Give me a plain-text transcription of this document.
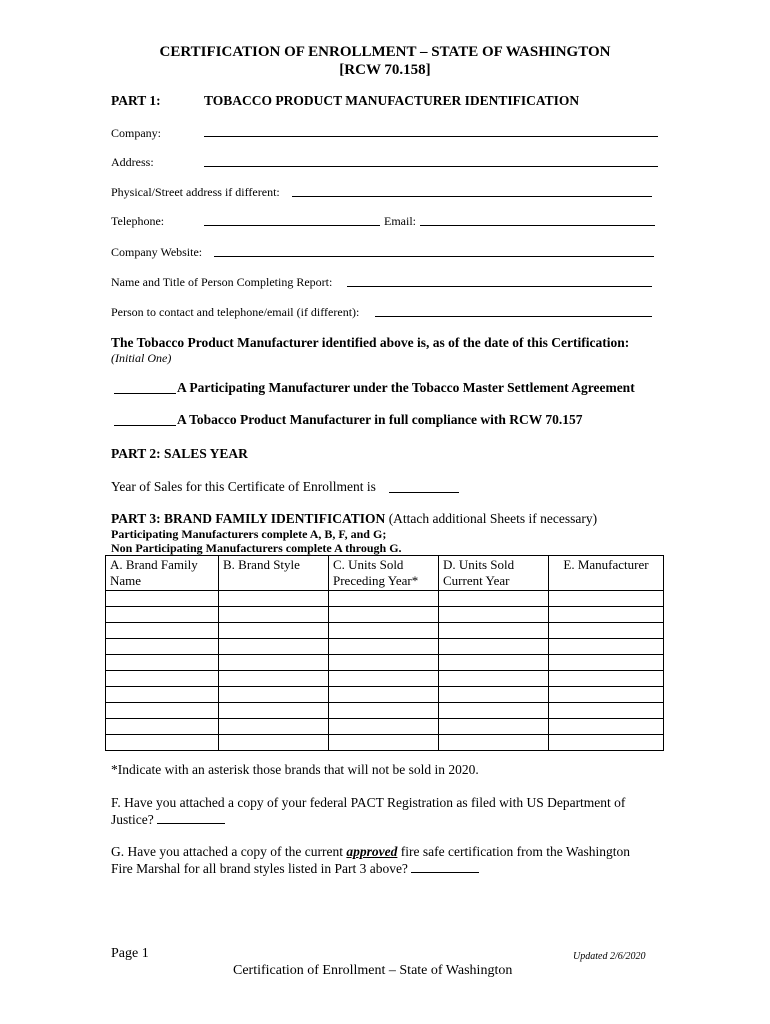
CERTIFICATION OF ENROLLMENT – STATE OF WASHINGTON
[RCW 70.158]
PART 1:	TOBACCO PRODUCT MANUFACTURER IDENTIFICATION
Company:
Address:
Physical/Street address if different:
Telephone:	Email:
Company Website:
Name and Title of Person Completing Report:
Person to contact and telephone/email (if different):
The Tobacco Product Manufacturer identified above is, as of the date of this Certification:
(Initial One)
A Participating Manufacturer under the Tobacco Master Settlement Agreement
A Tobacco Product Manufacturer in full compliance with RCW 70.157
PART 2: SALES YEAR
Year of Sales for this Certificate of Enrollment is
PART 3: BRAND FAMILY IDENTIFICATION (Attach additional Sheets if necessary)
Participating Manufacturers complete A, B, F, and G;
Non Participating Manufacturers complete A through G.
A. Brand Family Name	B. Brand Style	C. Units Sold Preceding Year*	D. Units Sold Current Year	E. Manufacturer

*Indicate with an asterisk those brands that will not be sold in 2020.
F. Have you attached a copy of your federal PACT Registration as filed with US Department of Justice?
G. Have you attached a copy of the current approved fire safe certification from the Washington Fire Marshal for all brand styles listed in Part 3 above?
Page 1	Updated 2/6/2020
Certification of Enrollment – State of Washington
